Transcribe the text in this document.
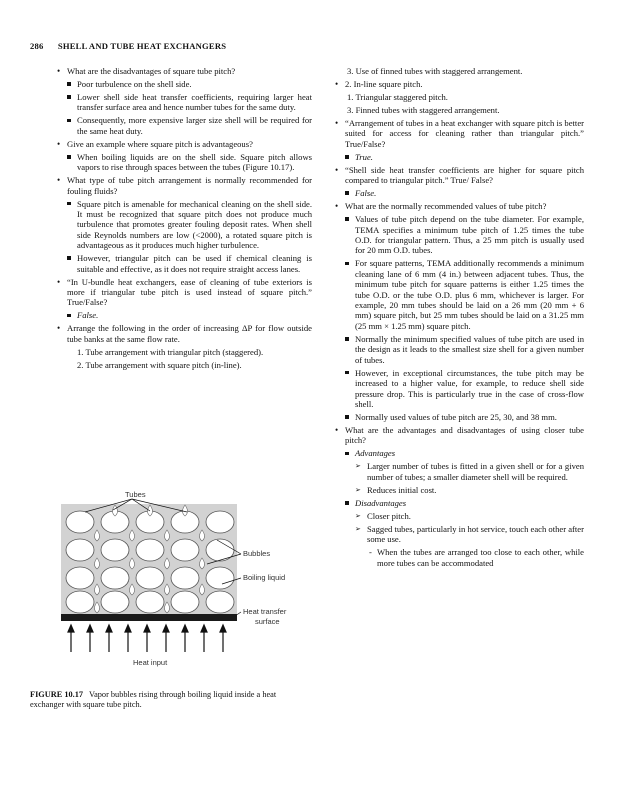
286 SHELL AND TUBE HEAT EXCHANGERS
• What are the disadvantages of square tube pitch?
Poor turbulence on the shell side.
Lower shell side heat transfer coefficients, requiring larger heat transfer surface area and hence number tubes for the same duty.
Consequently, more expensive larger size shell will be required for the same heat duty.
• Give an example where square pitch is advantageous?
When boiling liquids are on the shell side. Square pitch allows vapors to rise through spaces between the tubes (Figure 10.17).
• What type of tube pitch arrangement is normally recommended for fouling fluids?
Square pitch is amenable for mechanical cleaning on the shell side. It must be recognized that square pitch does not produce much turbulence that promotes greater fouling deposit rates. When shell side Reynolds numbers are low (<2000), a rotated square pitch is advantageous as it produces much higher turbulence.
However, triangular pitch can be used if chemical cleaning is suitable and effective, as it does not require straight access lanes.
• “In U-bundle heat exchangers, ease of cleaning of tube exteriors is more if triangular tube pitch is used instead of square pitch.” True/False?
False.
• Arrange the following in the order of increasing ΔP for flow outside tube banks at the same flow rate.
1. Tube arrangement with triangular pitch (staggered).
2. Tube arrangement with square pitch (in-line).
3. Use of finned tubes with staggered arrangement.
• 2. In-line square pitch.
1. Triangular staggered pitch.
3. Finned tubes with staggered arrangement.
• “Arrangement of tubes in a heat exchanger with square pitch is better suited for access for cleaning rather than triangular pitch.” True/False?
True.
• “Shell side heat transfer coefficients are higher for square pitch compared to triangular pitch.” True/ False?
False.
• What are the normally recommended values of tube pitch?
Values of tube pitch depend on the tube diameter. For example, TEMA specifies a minimum tube pitch of 1.25 times the tube O.D. for triangular pattern. Thus, a 25 mm pitch is usually used for 20 mm O.D. tubes.
For square patterns, TEMA additionally recommends a minimum cleaning lane of 6 mm (4 in.) between adjacent tubes. Thus, the minimum tube pitch for square patterns is either 1.25 times the tube O.D. or the tube O.D. plus 6 mm, whichever is larger. For example, 20 mm tubes should be laid on a 26 mm (20 mm + 6 mm) square pitch, but 25 mm tubes should be laid on a 31.25 mm (25 mm × 1.25 mm) square pitch.
Normally the minimum specified values of tube pitch are used in the design as it leads to the smallest size shell for a given number of tubes.
However, in exceptional circumstances, the tube pitch may be increased to a higher value, for example, to reduce shell side pressure drop. This is particularly true in the case of cross-flow shell.
Normally used values of tube pitch are 25, 30, and 38 mm.
• What are the advantages and disadvantages of using closer tube pitch?
Advantages
➢ Larger number of tubes is fitted in a given shell or for a given number of tubes; a smaller diameter shell will be required.
➢ Reduces initial cost.
Disadvantages
➢ Closer pitch.
➢ Sagged tubes, particularly in hot service, touch each other after some use.
- When the tubes are arranged too close to each other, while more tubes can be accommodated
Tubes
Bubbles
Boiling liquid
Heat transfer
surface
Heat input
FIGURE 10.17 Vapor bubbles rising through boiling liquid inside a heat exchanger with square tube pitch.
